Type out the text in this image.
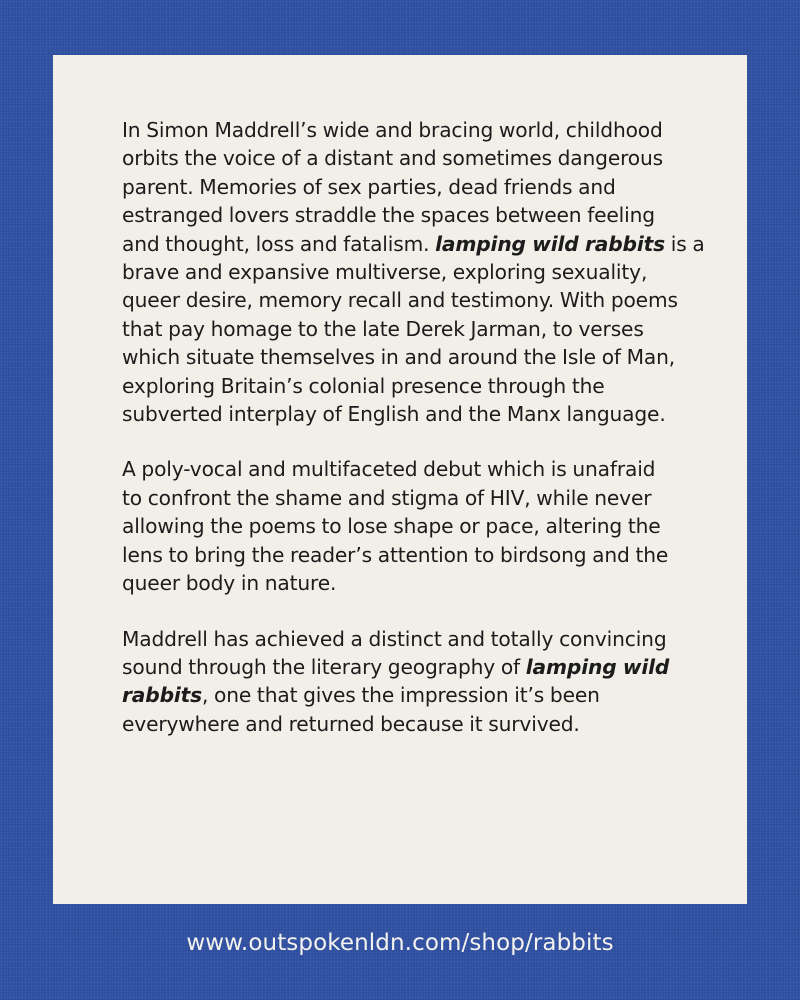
In Simon Maddrell’s wide and bracing world, childhood
orbits the voice of a distant and sometimes dangerous
parent. Memories of sex parties, dead friends and
estranged lovers straddle the spaces between feeling
and thought, loss and fatalism. lamping wild rabbits is a
brave and expansive multiverse, exploring sexuality,
queer desire, memory recall and testimony. With poems
that pay homage to the late Derek Jarman, to verses
which situate themselves in and around the Isle of Man,
exploring Britain’s colonial presence through the
subverted interplay of English and the Manx language.

A poly-vocal and multifaceted debut which is unafraid
to confront the shame and stigma of HIV, while never
allowing the poems to lose shape or pace, altering the
lens to bring the reader’s attention to birdsong and the
queer body in nature.

Maddrell has achieved a distinct and totally convincing
sound through the literary geography of lamping wild
rabbits, one that gives the impression it’s been
everywhere and returned because it survived.

www.outspokenldn.com/shop/rabbits
